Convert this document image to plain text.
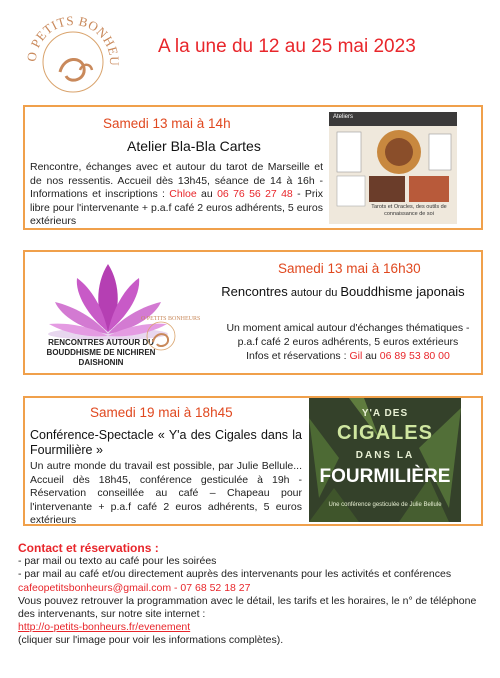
O PETITS BONHEU
A la une du 12 au 25 mai 2023
Samedi 13 mai à 14h
Atelier Bla-Bla Cartes
Rencontre, échanges avec et autour du tarot de Marseille et de nos ressentis. Accueil dès 13h45, séance de 14 à 16h - Informations et inscriptions : Chloe au 06 76 56 27 48 - Prix libre pour l'intervenante + p.a.f café 2 euros adhérents, 5 euros extérieurs
Ateliers
Tarots et Oracles, des outils de connaissance de soi
RENCONTRES AUTOUR DU BOUDDHISME DE NICHIREN DAISHONIN
O PETITS BONHEURS
Samedi 13 mai à 16h30
Rencontres autour du Bouddhisme japonais
Un moment amical autour d'échanges thématiques - p.a.f café 2 euros adhérents, 5 euros extérieurs
Infos et réservations : Gil au 06 89 53 80 00
Samedi 19 mai à 18h45
Conférence-Spectacle « Y'a des Cigales dans la Fourmilière »
Un autre monde du travail est possible, par Julie Bellule... Accueil dès 18h45, conférence gesticulée à 19h - Réservation conseillée au café – Chapeau pour l'intervenante + p.a.f café 2 euros adhérents, 5 euros extérieurs
Y'A DES
CIGALES
DANS LA
FOURMILIÈRE
Une conférence gesticulée de Julie Bellule
Contact et réservations :
- par mail ou texto au café pour les soirées
- par mail au café et/ou directement auprès des intervenants pour les activités et conférences
cafeopetitsbonheurs@gmail.com - 07 68 52 18 27
Vous pouvez retrouver la programmation avec le détail, les tarifs et les horaires, le n° de téléphone des intervenants, sur notre site internet :
http://o-petits-bonheurs.fr/evenement
(cliquer sur l'image pour voir les informations complètes).
